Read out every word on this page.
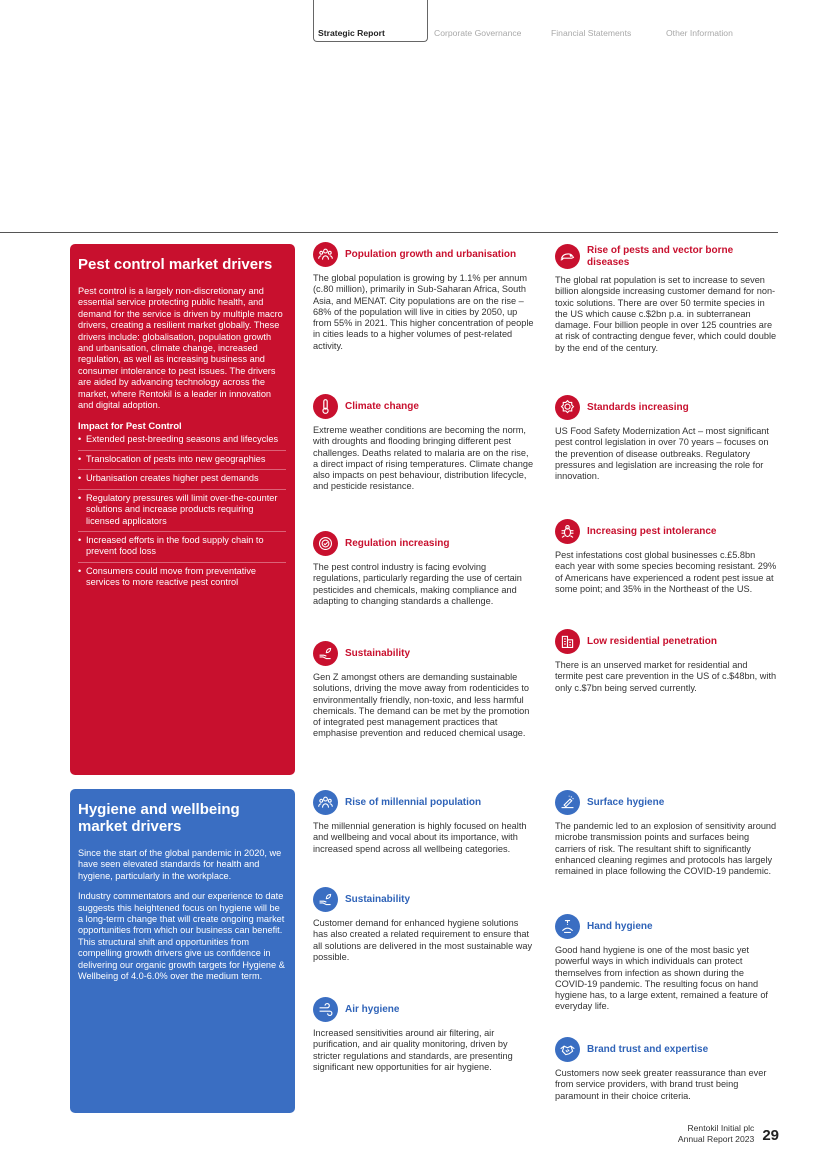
Strategic Report	Corporate Governance	Financial Statements	Other Information
Pest control market drivers

Pest control is a largely non-discretionary and essential service protecting public health, and demand for the service is driven by multiple macro drivers, creating a resilient market globally. These drivers include: globalisation, population growth and urbanisation, climate change, increased regulation, as well as increasing business and consumer intolerance to pest issues. The drivers are aided by advancing technology across the market, where Rentokil is a leader in innovation and digital adoption.

Impact for Pest Control
• Extended pest-breeding seasons and lifecycles
• Translocation of pests into new geographies
• Urbanisation creates higher pest demands
• Regulatory pressures will limit over-the-counter solutions and increase products requiring licensed applicators
• Increased efforts in the food supply chain to prevent food loss
• Consumers could move from preventative services to more reactive pest control
Population growth and urbanisation
The global population is growing by 1.1% per annum (c.80 million), primarily in Sub-Saharan Africa, South Asia, and MENAT. City populations are on the rise – 68% of the population will live in cities by 2050, up from 55% in 2021. This higher concentration of people in cities leads to a higher volumes of pest-related activity.
Climate change
Extreme weather conditions are becoming the norm, with droughts and flooding bringing different pest challenges. Deaths related to malaria are on the rise, a direct impact of rising temperatures. Climate change also impacts on pest behaviour, distribution lifecycle, and pesticide resistance.
Regulation increasing
The pest control industry is facing evolving regulations, particularly regarding the use of certain pesticides and chemicals, making compliance and adapting to changing standards a challenge.
Sustainability
Gen Z amongst others are demanding sustainable solutions, driving the move away from rodenticides to environmentally friendly, non-toxic, and less harmful chemicals. The demand can be met by the promotion of integrated pest management practices that emphasise prevention and reduced chemical usage.
Rise of pests and vector borne diseases
The global rat population is set to increase to seven billion alongside increasing customer demand for non-toxic solutions. There are over 50 termite species in the US which cause c.$2bn p.a. in subterranean damage. Four billion people in over 125 countries are at risk of contracting dengue fever, which could double by the end of the century.
Standards increasing
US Food Safety Modernization Act – most significant pest control legislation in over 70 years – focuses on the prevention of disease outbreaks. Regulatory pressures and legislation are increasing the role for innovation.
Increasing pest intolerance
Pest infestations cost global businesses c.£5.8bn each year with some species becoming resistant. 29% of Americans have experienced a rodent pest issue at some point; and 35% in the Northeast of the US.
Low residential penetration
There is an unserved market for residential and termite pest care prevention in the US of c.$48bn, with only c.$7bn being served currently.
Hygiene and wellbeing market drivers

Since the start of the global pandemic in 2020, we have seen elevated standards for health and hygiene, particularly in the workplace.

Industry commentators and our experience to date suggests this heightened focus on hygiene will be a long-term change that will create ongoing market opportunities from which our business can benefit. This structural shift and opportunities from compelling growth drivers give us confidence in delivering our organic growth targets for Hygiene & Wellbeing of 4.0-6.0% over the medium term.

Rise of millennial population
The millennial generation is highly focused on health and wellbeing and vocal about its importance, with increased spend across all wellbeing categories.
Sustainability
Customer demand for enhanced hygiene solutions has also created a related requirement to ensure that all solutions are delivered in the most sustainable way possible.
Air hygiene
Increased sensitivities around air filtering, air purification, and air quality monitoring, driven by stricter regulations and standards, are presenting significant new opportunities for air hygiene.
Surface hygiene
The pandemic led to an explosion of sensitivity around microbe transmission points and surfaces being carriers of risk. The resultant shift to significantly enhanced cleaning regimes and protocols has largely remained in place following the COVID-19 pandemic.
Hand hygiene
Good hand hygiene is one of the most basic yet powerful ways in which individuals can protect themselves from infection as shown during the COVID-19 pandemic. The resulting focus on hand hygiene has, to a large extent, remained a feature of everyday life.
Brand trust and expertise
Customers now seek greater reassurance than ever from service providers, with brand trust being paramount in their choice criteria.
Rentokil Initial plc
Annual Report 2023 29
